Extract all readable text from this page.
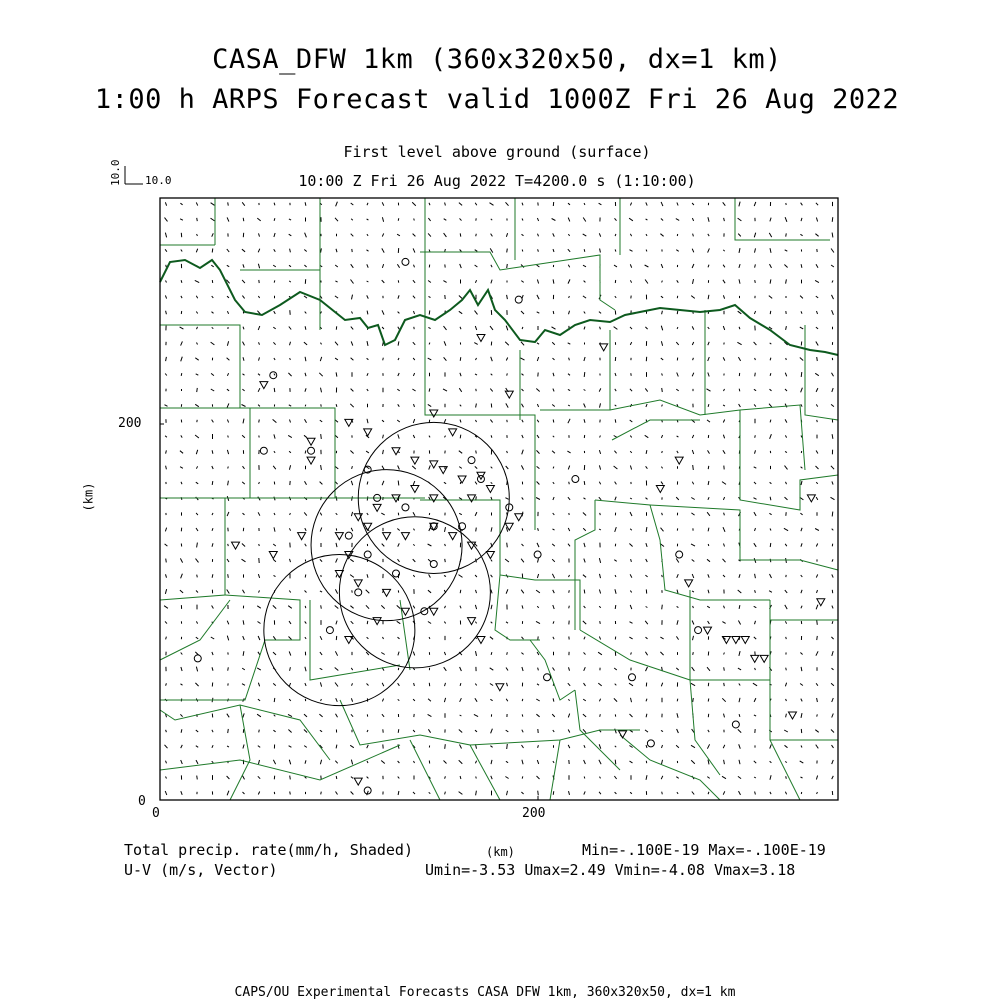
CASA_DFW 1km (360x320x50, dx=1 km)
1:00 h ARPS Forecast valid 1000Z Fri 26 Aug 2022
First level above ground (surface)
10:00 Z Fri 26 Aug 2022 T=4200.0 s (1:10:00)
10.0 10.0
0	200
0
200
(km)
(km)
Total precip. rate(mm/h, Shaded)
U-V (m/s, Vector)
Min=-.100E-19 Max=-.100E-19
Umin=-3.53 Umax=2.49 Vmin=-4.08 Vmax=3.18
CAPS/OU Experimental Forecasts CASA DFW 1km, 360x320x50, dx=1 km
